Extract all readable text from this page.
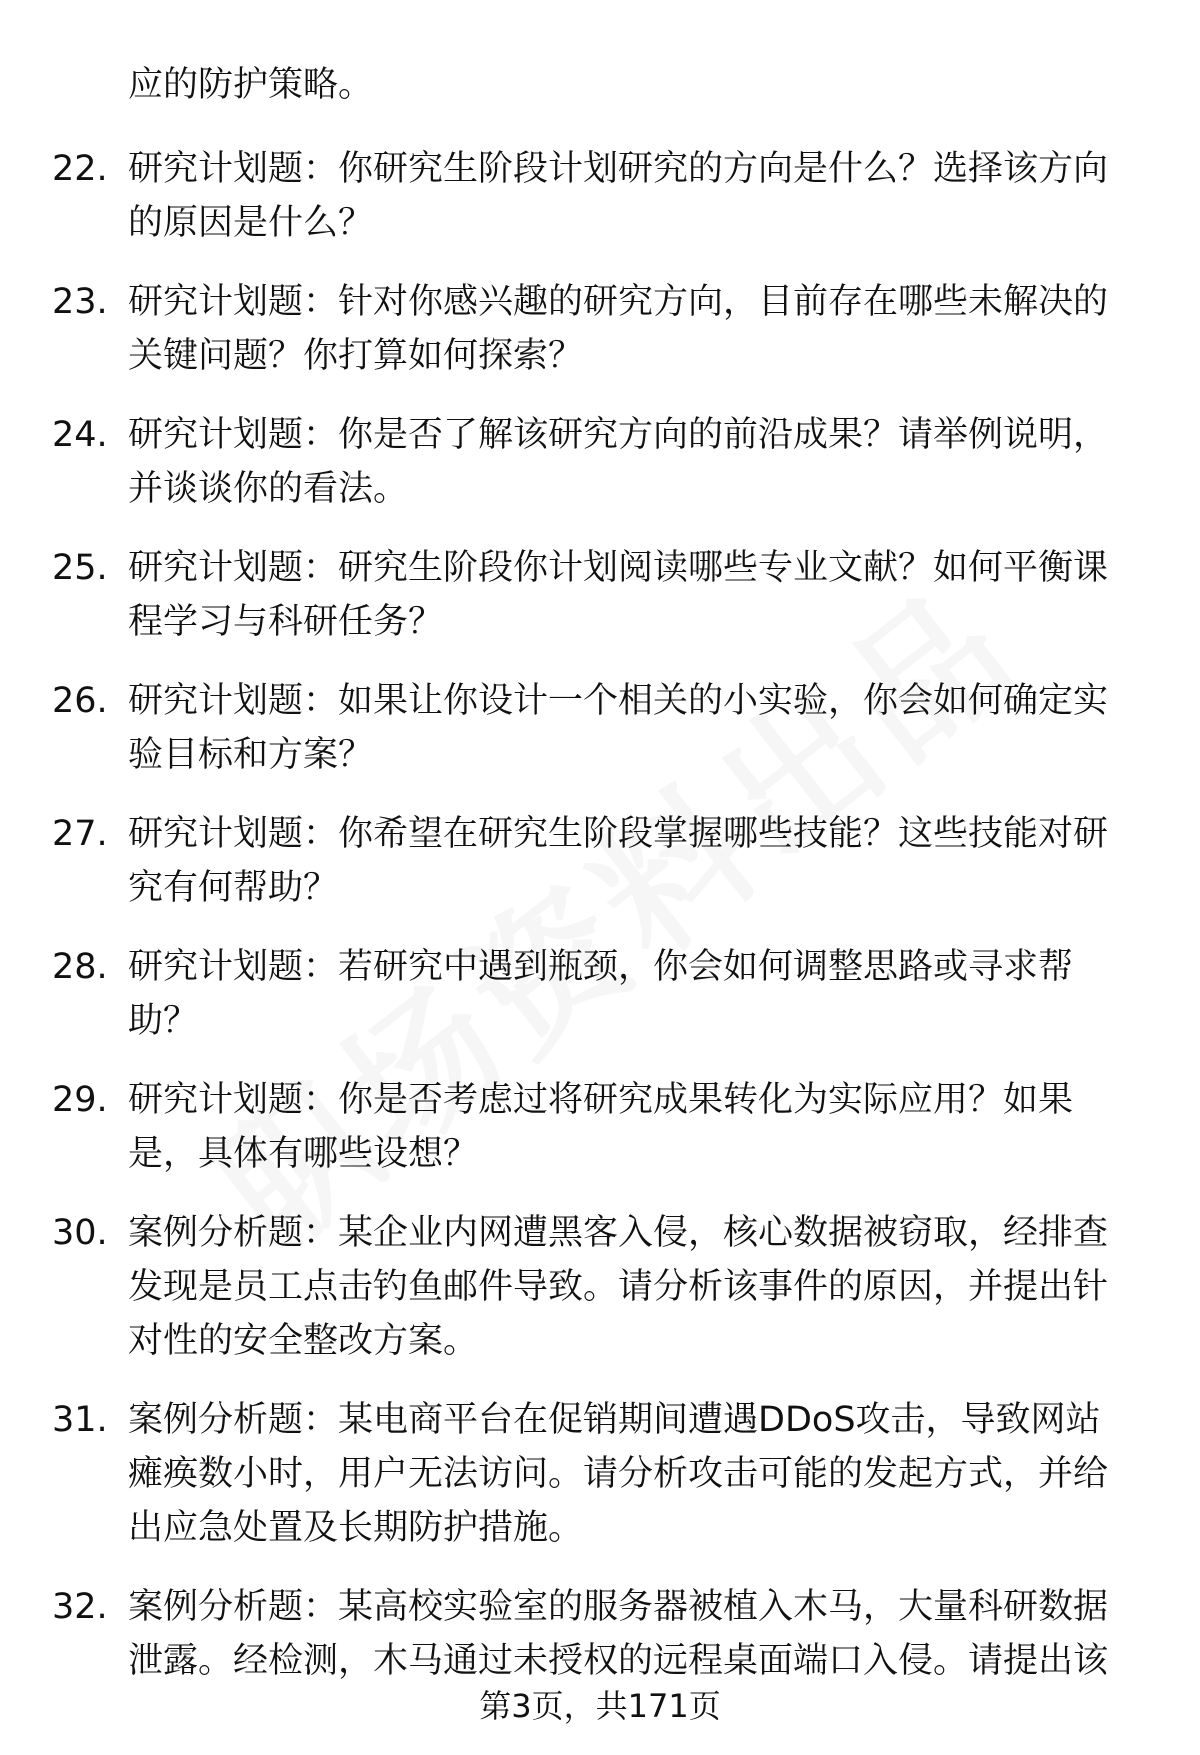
应的防护策略。
22. 研究计划题：你研究生阶段计划研究的方向是什么？选择该方向
的原因是什么？
23. 研究计划题：针对你感兴趣的研究方向，目前存在哪些未解决的
关键问题？你打算如何探索？
24. 研究计划题：你是否了解该研究方向的前沿成果？请举例说明，
并谈谈你的看法。
25. 研究计划题：研究生阶段你计划阅读哪些专业文献？如何平衡课
程学习与科研任务？
26. 研究计划题：如果让你设计一个相关的小实验，你会如何确定实
验目标和方案？
27. 研究计划题：你希望在研究生阶段掌握哪些技能？这些技能对研
究有何帮助？
28. 研究计划题：若研究中遇到瓶颈，你会如何调整思路或寻求帮
助？
29. 研究计划题：你是否考虑过将研究成果转化为实际应用？如果
是，具体有哪些设想？
30. 案例分析题：某企业内网遭黑客入侵，核心数据被窃取，经排查
发现是员工点击钓鱼邮件导致。请分析该事件的原因，并提出针
对性的安全整改方案。
31. 案例分析题：某电商平台在促销期间遭遇DDoS攻击，导致网站
瘫痪数小时，用户无法访问。请分析攻击可能的发起方式，并给
出应急处置及长期防护措施。
32. 案例分析题：某高校实验室的服务器被植入木马，大量科研数据
泄露。经检测，木马通过未授权的远程桌面端口入侵。请提出该
第3页，共171页
